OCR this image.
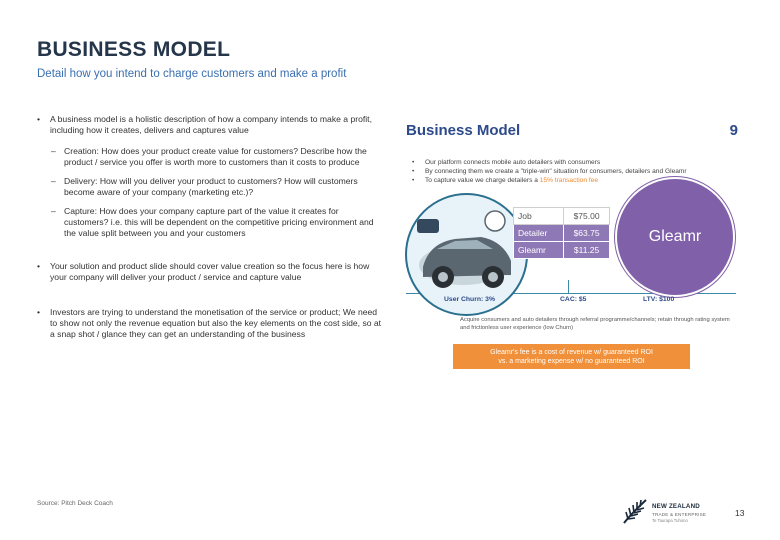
BUSINESS MODEL
Detail how you intend to charge customers and make a profit
• A business model is a holistic description of how a company intends to make a profit, including how it creates, delivers and captures value
– Creation: How does your product create value for customers? Describe how the product / service you offer is worth more to customers than it costs to produce
– Delivery: How will you deliver your product to customers? How will customers become aware of your company (marketing etc.)?
– Capture: How does your company capture part of the value it creates for customers? i.e. this will be dependent on the competitive pricing environment and the value split between you and your customers
• Your solution and product slide should cover value creation so the focus here is how your company will deliver your product / service and capture value
• Investors are trying to understand the monetisation of the service or product; We need to show not only the revenue equation but also the key elements on the cost side, so at a snap shot / glance they can get an understanding of the business
Source: Pitch Deck Coach
Business Model	9
• Our platform connects mobile auto detailers with consumers
• By connecting them we create a "triple-win" situation for consumers, detailers and Gleamr
• To capture value we charge detailers a 15% transaction fee
Job	$75.00
Detailer	$63.75
Gleamr	$11.25
Gleamr
User Churn: 3%	CAC: $5	LTV: $100
Acquire consumers and auto detailers through referral programme/channels; retain through rating system and frictionless user experience (low Churn)
Gleamr's fee is a cost of revenue w/ guaranteed ROI
vs. a marketing expense w/ no guaranteed ROI
NEW ZEALAND
TRADE & ENTERPRISE
Te Taurapa Tuhono
13
